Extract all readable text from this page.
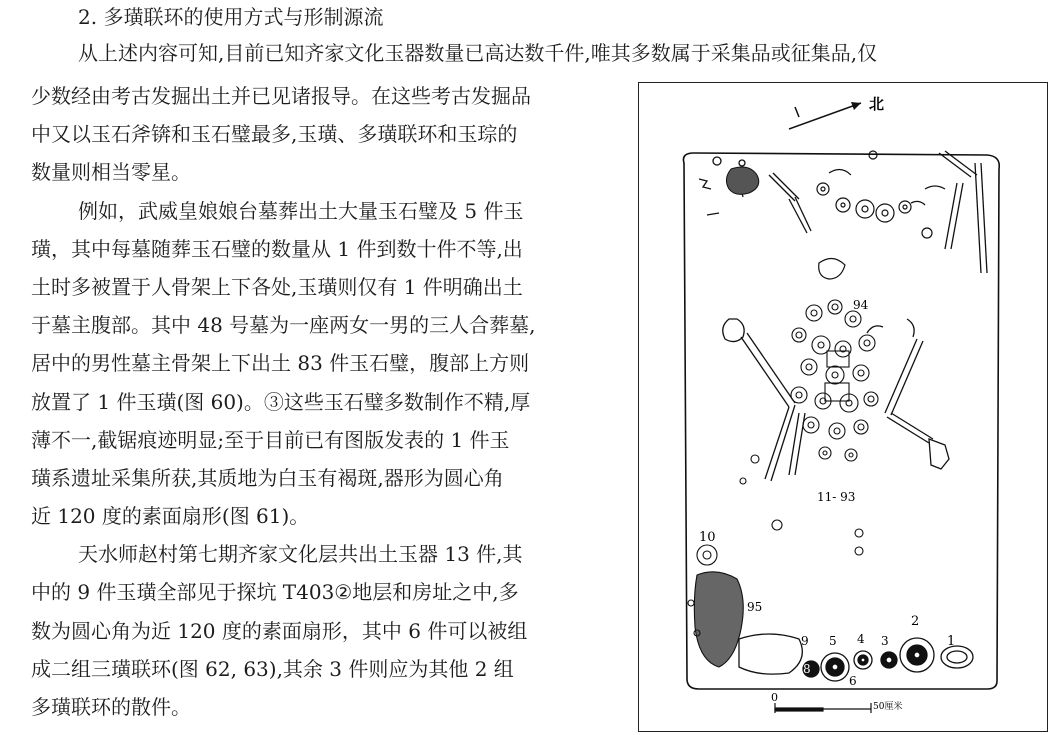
2. 多璜联环的使用方式与形制源流
从上述内容可知,目前已知齐家文化玉器数量已高达数千件,唯其多数属于采集品或征集品,仅
少数经由考古发掘出土并已见诸报导。在这些考古发掘品
中又以玉石斧锛和玉石璧最多,玉璜、多璜联环和玉琮的
数量则相当零星。
例如，武威皇娘娘台墓葬出土大量玉石璧及 5 件玉
璜，其中每墓随葬玉石璧的数量从 1 件到数十件不等,出
土时多被置于人骨架上下各处,玉璜则仅有 1 件明确出土
于墓主腹部。其中 48 号墓为一座两女一男的三人合葬墓,
居中的男性墓主骨架上下出土 83 件玉石璧，腹部上方则
放置了 1 件玉璜(图 60)。③这些玉石璧多数制作不精,厚
薄不一,截锯痕迹明显;至于目前已有图版发表的 1 件玉
璜系遗址采集所获,其质地为白玉有褐斑,器形为圆心角
近 120 度的素面扇形(图 61)。
天水师赵村第七期齐家文化层共出土玉器 13 件,其
中的 9 件玉璜全部见于探坑 T403②地层和房址之中,多
数为圆心角为近 120 度的素面扇形，其中 6 件可以被组
成二组三璜联环(图 62, 63),其余 3 件则应为其他 2 组
多璜联环的散件。
北
94
11- 93
10
95
9 5 4 3
2
1
8
6
0
50厘米
